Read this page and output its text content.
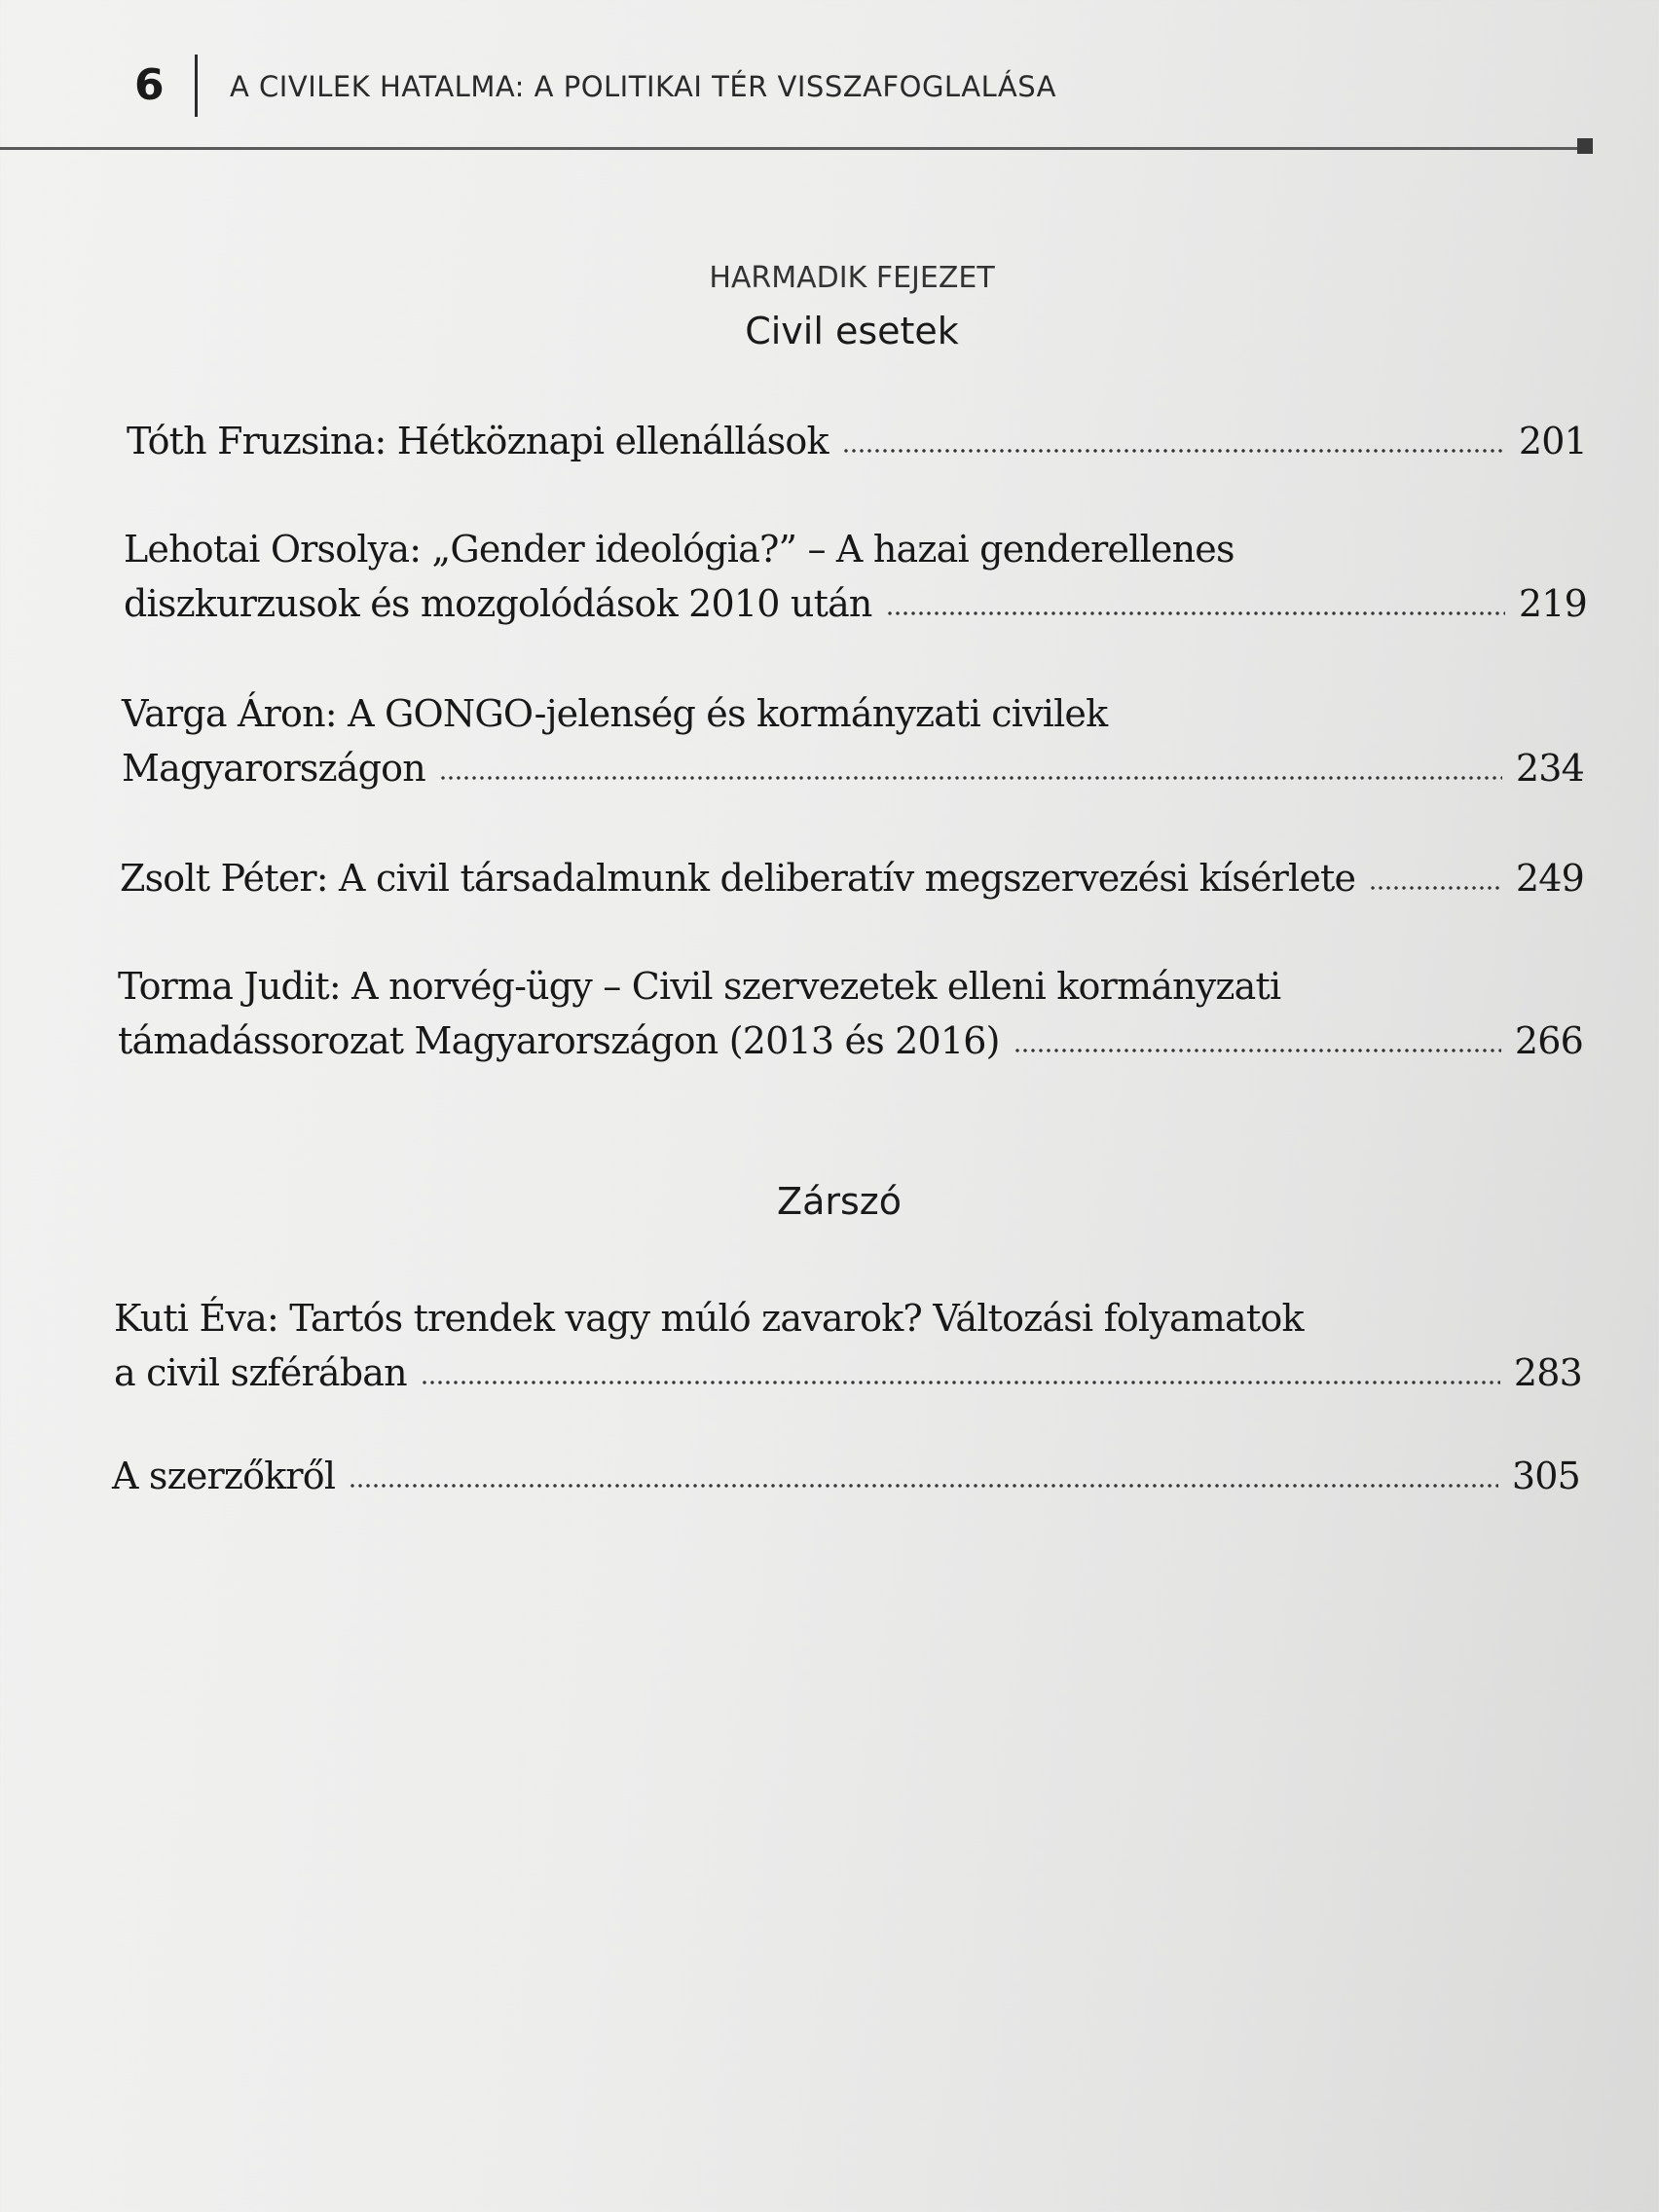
6 A CIVILEK HATALMA: A POLITIKAI TÉR VISSZAFOGLALÁSA
HARMADIK FEJEZET
Civil esetek
Tóth Fruzsina: Hétköznapi ellenállások	201
Lehotai Orsolya: „Gender ideológia?” – A hazai genderellenes
diszkurzusok és mozgolódások 2010 után	219
Varga Áron: A GONGO-jelenség és kormányzati civilek
Magyarországon	234
Zsolt Péter: A civil társadalmunk deliberatív megszervezési kísérlete	249
Torma Judit: A norvég-ügy – Civil szervezetek elleni kormányzati
támadássorozat Magyarországon (2013 és 2016)	266
Zárszó
Kuti Éva: Tartós trendek vagy múló zavarok? Változási folyamatok
a civil szférában	283
A szerzőkről	305
